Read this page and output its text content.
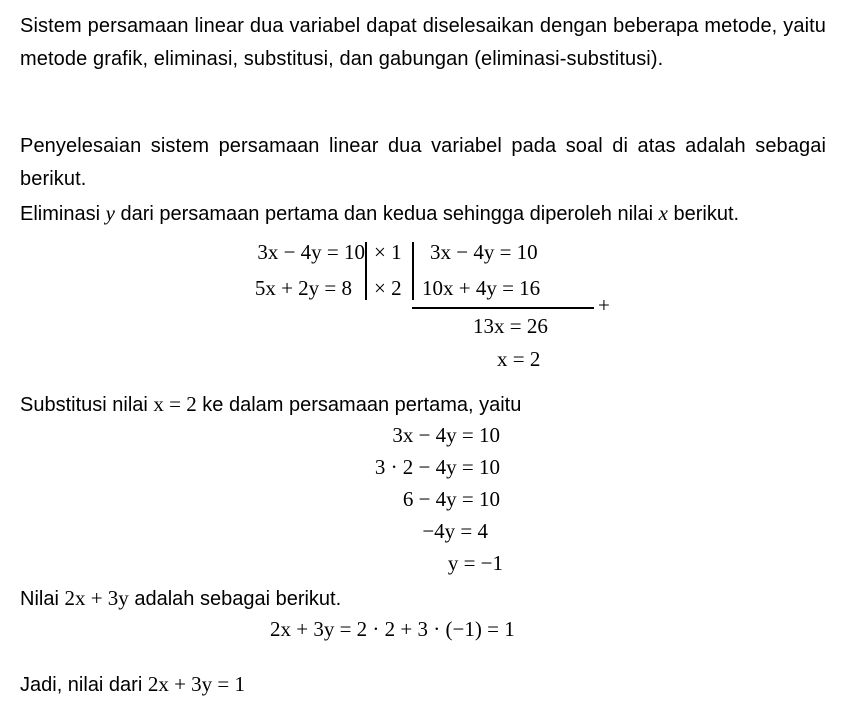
Sistem persamaan linear dua variabel dapat diselesaikan dengan beberapa metode, yaitu metode grafik, eliminasi, substitusi, dan gabungan (eliminasi-substitusi).
Penyelesaian sistem persamaan linear dua variabel pada soal di atas adalah sebagai berikut.
Eliminasi y dari persamaan pertama dan kedua sehingga diperoleh nilai x berikut.
3x − 4y = 10
5x + 2y = 8
× 1
× 2
3x − 4y = 10
10x + 4y = 16
+
13x = 26
x = 2
Substitusi nilai x = 2 ke dalam persamaan pertama, yaitu
3x − 4y = 10
3 · 2 − 4y = 10
6 − 4y = 10
−4y = 4
y = −1
Nilai 2x + 3y adalah sebagai berikut.
2x + 3y = 2 · 2 + 3 · (−1) = 1
Jadi, nilai dari 2x + 3y = 1
